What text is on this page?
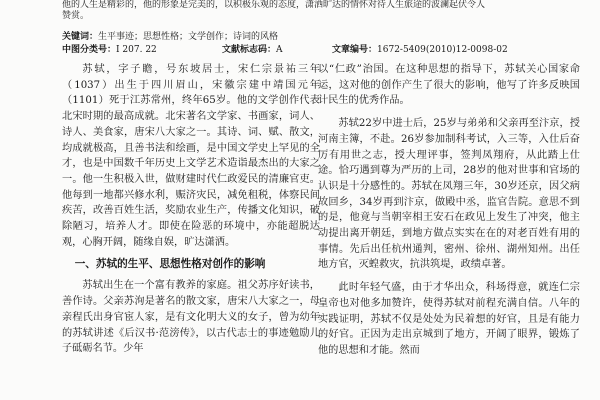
他的人生是精彩的，他的形象是完美的，以积极乐观的态度，潇洒旷达的情怀对待人生旅途的波澜起伏令人

赞赏。

关键词：生平事迹；思想性格；文学创作；诗词的风格
中图分类号：I 207. 22	文献标志码：A	文章编号：1672-5409(2010)12-0098-02

苏轼，字子瞻，号东坡居士，宋仁宗景祐三年（1037）出生于四川眉山，宋徽宗建中靖国元年（1101）死于江苏常州，终年65岁。他的文学创作代表北宋时期的最高成就。北宋著名文学家、书画家，词人、诗人、美食家，唐宋八大家之一。其诗、词、赋、散文，均成就极高，且善书法和绘画，是中国文学史上罕见的全才，也是中国数千年历史上文学艺术造诣最杰出的大家之一。他一生积极入世，做财建时代仁政爱民的清廉官吏。他每到一地都兴修水利，赈济灾民，减免租税，体察民间疾苦，改善百姓生活，奖励农业生产，传播文化知识，破除陋习，培养人才。即使在险恶的环境中，亦能超脱达观，心胸开阔，随缘自娱，旷达潇洒。

一、苏轼的生平、思想性格对创作的影响

苏轼出生在一个富有教养的家庭。祖父苏序好读书，善作诗。父亲苏洵是著名的散文家，唐宋八大家之一，母亲程氏出身官宦人家，是有文化明大义的女子，曾为幼年的苏轼讲述《后汉书·范滂传》，以古代志士的事迹勉励儿子砥砺名节。少年

以“仁政”治国。在这种思想的指导下，苏轼关心国家命运，这对他的创作产生了很大的影响，他写了许多反映国计民生的优秀作品。

苏轼22岁中进士后，25岁与弟弟和父亲再至汴京，授河南主簿，不赴。26岁参加制科考试，入三等，入仕后奋厉有用世之志，授大理评事，签判凤翔府，从此踏上仕途。恰巧遇到尊为严历的上司，28岁的他对世事和官场的认识是十分感性的。苏轼在凤翔三年，30岁还京，因父病故回乡，34岁再到汴京，做殿中丞，监官告院。意思不到的是，他竟与当朝宰相王安石在政见上发生了冲突，他主动提出离开朝廷，到地方做点实实在在的对老百姓有用的事情。先后出任杭州通判，密州、徐州、湖州知州。出任地方官，灭蝗救灾，抗洪筑堤，政绩卓著。

此时年轻气盛，由于才华出众，科场得意，就连仁宗皇帝也对他多加赞许，使得苏轼对前程充满自信。八年的实践证明，苏轼不仅是处处为民着想的好官，且是有能力的好官。正因为走出京城到了地方，开阔了眼界，锻炼了他的思想和才能。然而
